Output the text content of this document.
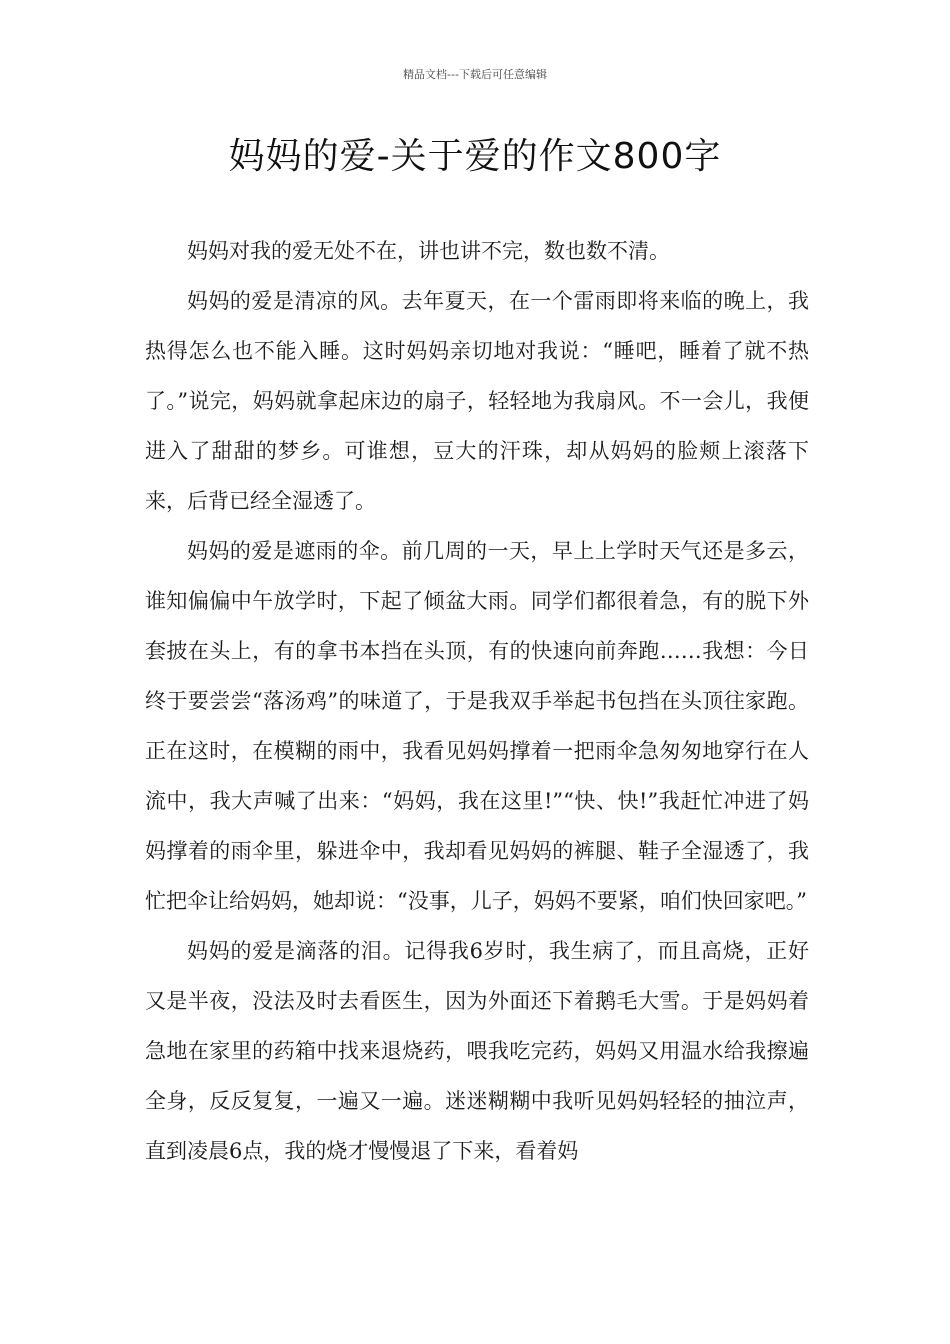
精品文档---下载后可任意编辑
妈妈的爱-关于爱的作文800字

妈妈对我的爱无处不在，讲也讲不完，数也数不清。

妈妈的爱是清凉的风。去年夏天，在一个雷雨即将来临的晚上，我热得怎么也不能入睡。这时妈妈亲切地对我说：“睡吧，睡着了就不热了。”说完，妈妈就拿起床边的扇子，轻轻地为我扇风。不一会儿，我便进入了甜甜的梦乡。可谁想，豆大的汗珠，却从妈妈的脸颊上滚落下来，后背已经全湿透了。

妈妈的爱是遮雨的伞。前几周的一天，早上上学时天气还是多云，谁知偏偏中午放学时，下起了倾盆大雨。同学们都很着急，有的脱下外套披在头上，有的拿书本挡在头顶，有的快速向前奔跑……我想：今日终于要尝尝“落汤鸡”的味道了，于是我双手举起书包挡在头顶往家跑。正在这时，在模糊的雨中，我看见妈妈撑着一把雨伞急匆匆地穿行在人流中，我大声喊了出来：“妈妈，我在这里!”“快、快!”我赶忙冲进了妈妈撑着的雨伞里，躲进伞中，我却看见妈妈的裤腿、鞋子全湿透了，我忙把伞让给妈妈，她却说：“没事，儿子，妈妈不要紧，咱们快回家吧。”

妈妈的爱是滴落的泪。记得我6岁时，我生病了，而且高烧，正好又是半夜，没法及时去看医生，因为外面还下着鹅毛大雪。于是妈妈着急地在家里的药箱中找来退烧药，喂我吃完药，妈妈又用温水给我擦遍全身，反反复复，一遍又一遍。迷迷糊糊中我听见妈妈轻轻的抽泣声，直到凌晨6点，我的烧才慢慢退了下来，看着妈
